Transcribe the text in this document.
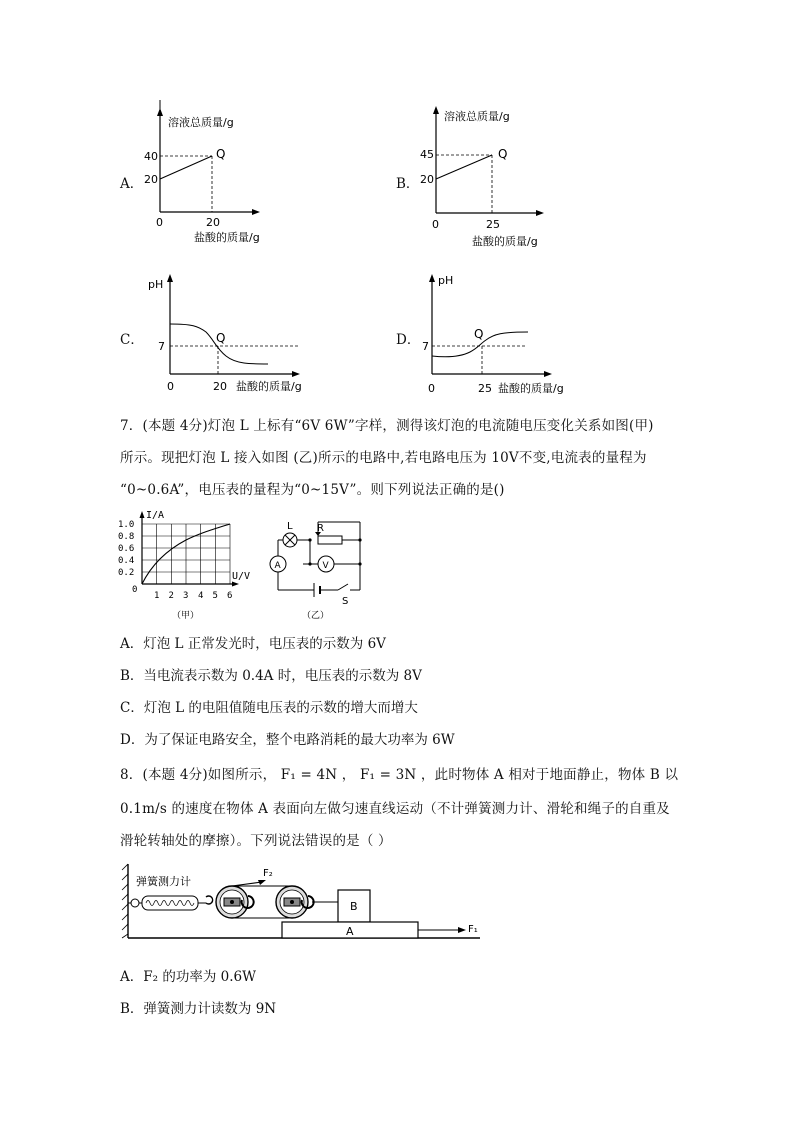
A．
溶液总质量/g
40
20
0	20
Q
盐酸的质量/g
B．
溶液总质量/g
45
20
0	25
Q
盐酸的质量/g
C．
pH
7
0	20
Q
盐酸的质量/g
D．
pH
7
0	25
Q
盐酸的质量/g
7．(本题 4分)灯泡 L 上标有“6V 6W”字样，测得该灯泡的电流随电压变化关系如图(甲)
所示。现把灯泡 L 接入如图 (乙)所示的电路中,若电路电压为 10V不变,电流表的量程为
“0~0.6A”，电压表的量程为“0~15V”。则下列说法正确的是()
I/A
1.0
0.8
0.6
0.4
0.2
0
U/V
1 2 3 4 5 6
（甲）
L R
A	V
S
（乙）
A．灯泡 L 正常发光时，电压表的示数为 6V
B．当电流表示数为 0.4A 时，电压表的示数为 8V
C．灯泡 L 的电阻值随电压表的示数的增大而增大
D．为了保证电路安全，整个电路消耗的最大功率为 6W
8．(本题 4分)如图所示， F₁ = 4N ， F₁ = 3N ，此时物体 A 相对于地面静止，物体 B 以
0.1m/s 的速度在物体 A 表面向左做匀速直线运动（不计弹簧测力计、滑轮和绳子的自重及
滑轮转轴处的摩擦）。下列说法错误的是（ ）
弹簧测力计
F₂
F₁
B
A
A．F₂ 的功率为 0.6W
B．弹簧测力计读数为 9N
